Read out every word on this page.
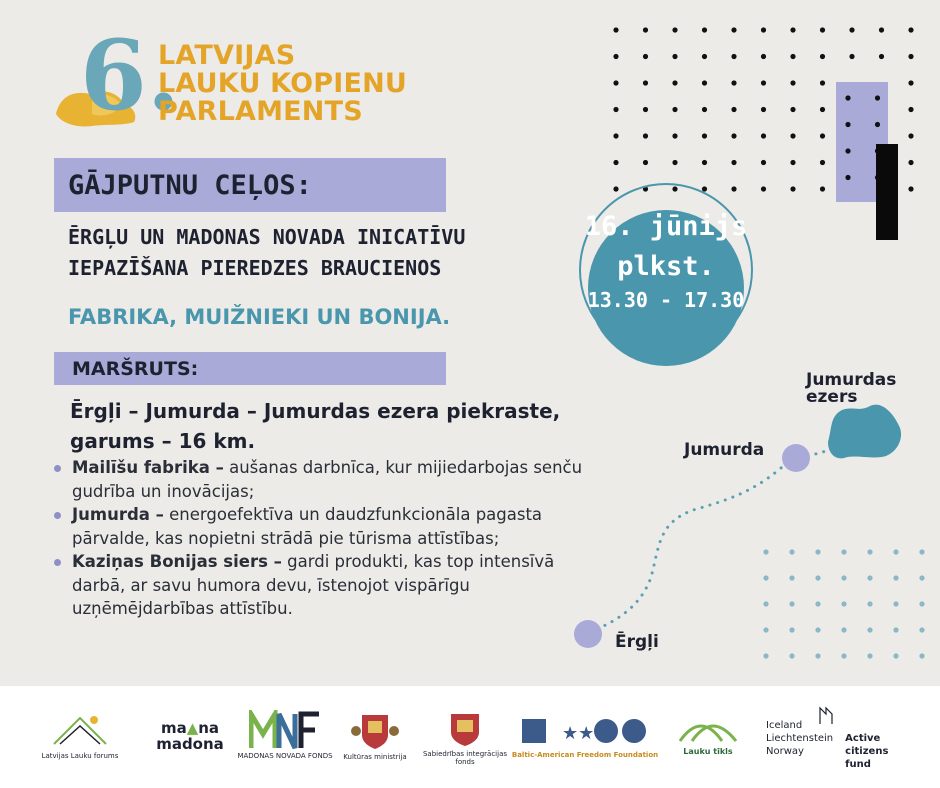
6.
LATVIJAS
LAUKU KOPIENU
PARLAMENTS
GĀJPUTNU CEĻOS:
ĒRGĻU UN MADONAS NOVADA INICATĪVU
IEPAZĪŠANA PIEREDZES BRAUCIENOS
FABRIKA, MUIŽNIEKI UN BONIJA.
MARŠRUTS:
Ērgļi – Jumurda – Jumurdas ezera piekraste,
garums – 16 km.
Mailīšu fabrika – aušanas darbnīca, kur mijiedarbojas senču gudrība un inovācijas;
Jumurda – energoefektīva un daudzfunkcionāla pagasta pārvalde, kas nopietni strādā pie tūrisma attīstības;
Kaziņas Bonijas siers – gardi produkti, kas top intensīvā darbā, ar savu humora devu, īstenojot vispārīgu uzņēmējdarbības attīstību.
16. jūnijs
plkst.
13.30 - 17.30
Jumurdas
ezers
Jumurda
Ērgļi
Latvijas Lauku forums
ma▲na
madona
MADONAS NOVADA FONDS Kultūras ministrija Sabiedrības integrācijas
fonds
★★
Baltic-American Freedom Foundation	Lauku tīkls
Iceland
Liechtenstein
Norway
Active
citizens fund
